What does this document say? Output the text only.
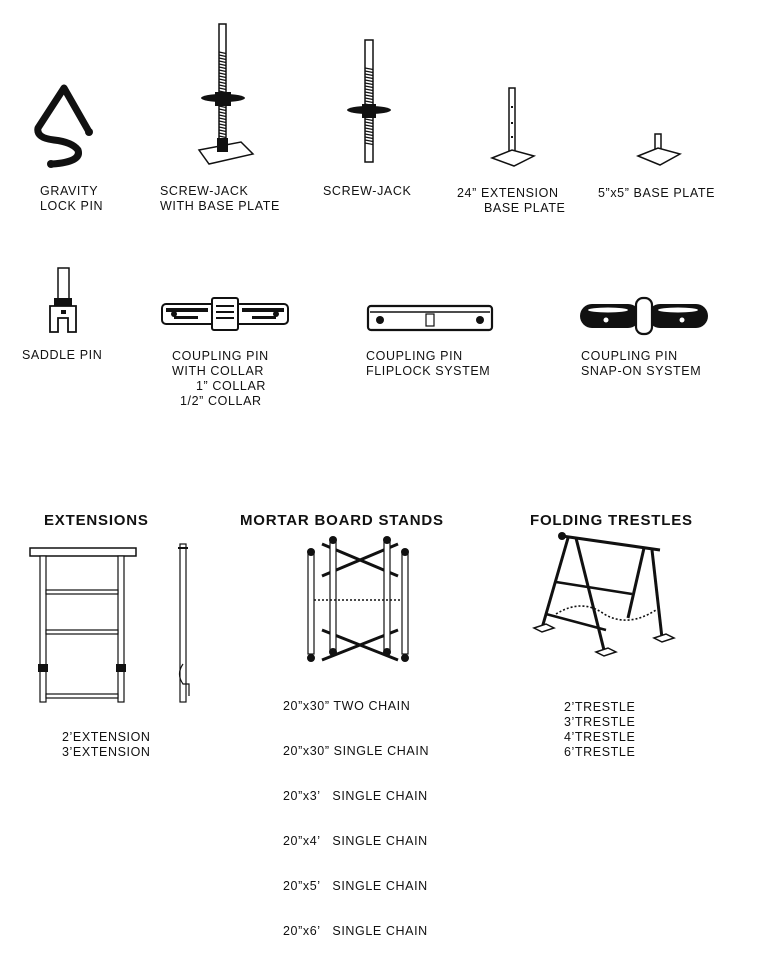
GRAVITY
LOCK PIN
SCREW-JACK
WITH BASE PLATE
SCREW-JACK	24” EXTENSION
BASE PLATE
5”x5” BASE PLATE
SADDLE PIN	COUPLING PIN
WITH COLLAR
1” COLLAR
1/2” COLLAR
COUPLING PIN
FLIPLOCK SYSTEM
COUPLING PIN
SNAP-ON SYSTEM
EXTENSIONS	MORTAR BOARD STANDS	FOLDING TRESTLES
2’EXTENSION
3’EXTENSION

20”x30” TWO CHAIN

20”x30” SINGLE CHAIN

20”x3’   SINGLE CHAIN

20”x4’   SINGLE CHAIN

20”x5’   SINGLE CHAIN

20”x6’   SINGLE CHAIN

2’TRESTLE
3’TRESTLE
4’TRESTLE
6’TRESTLE
